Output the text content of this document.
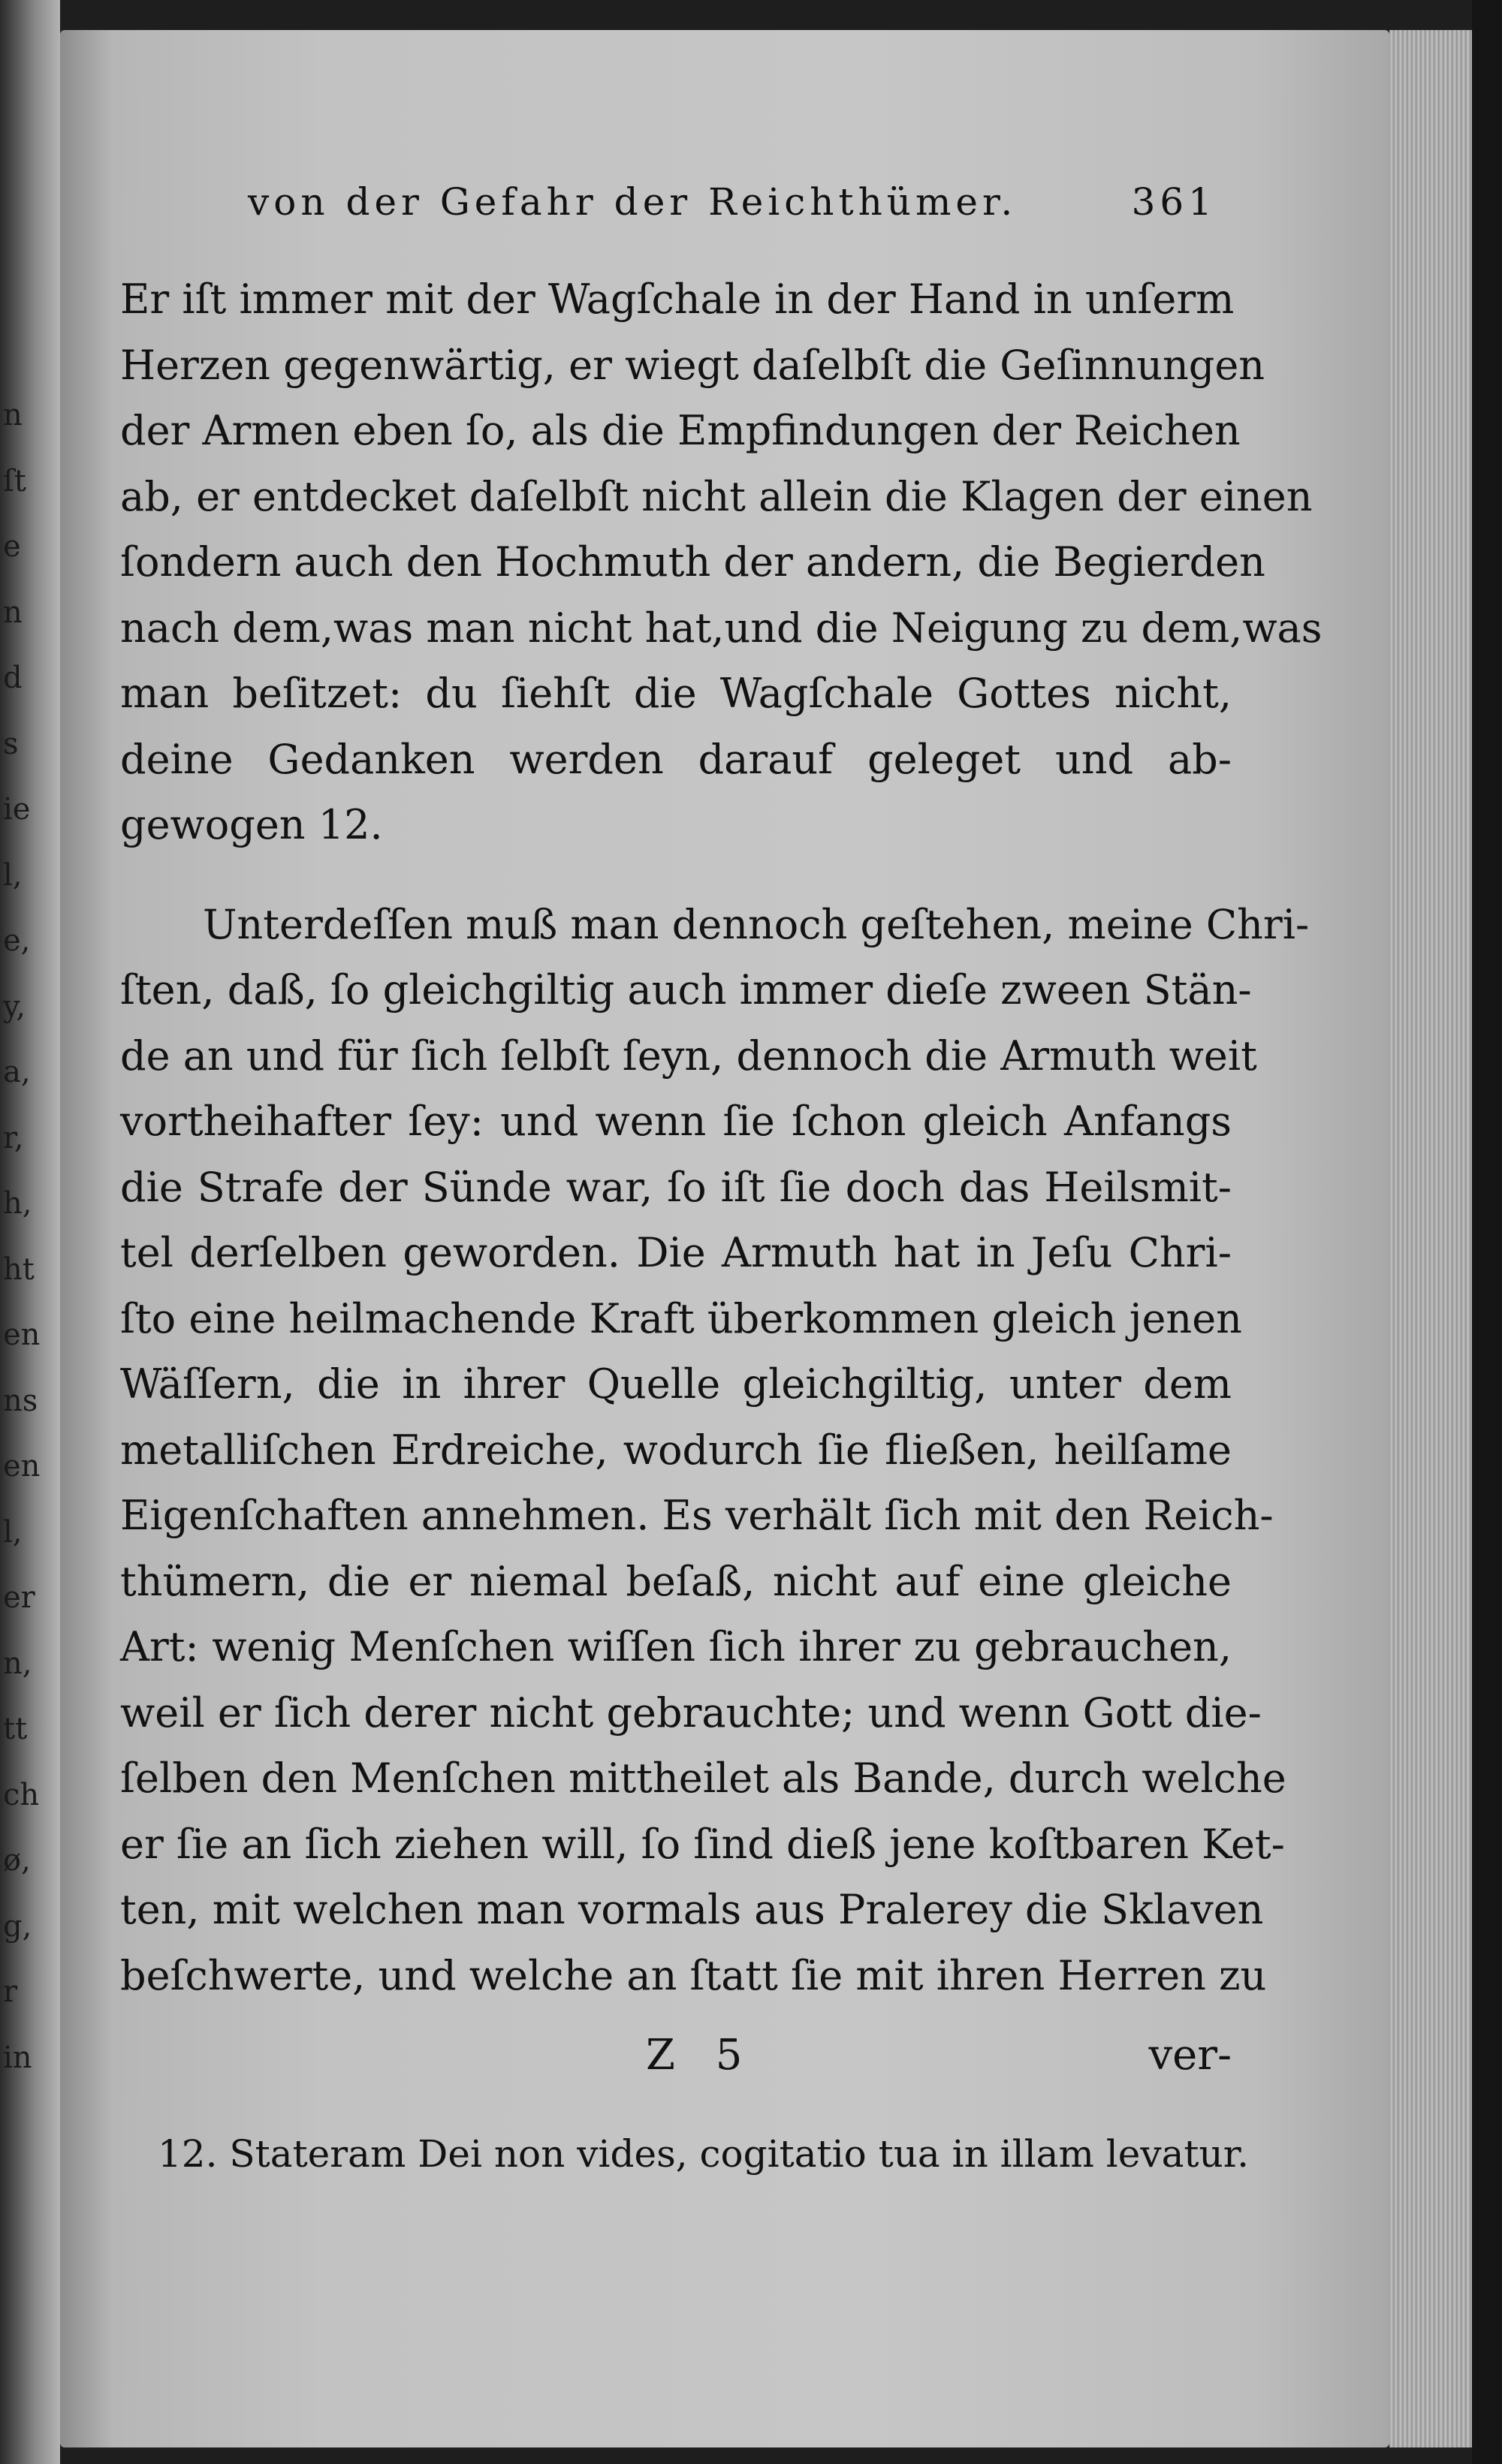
n
ſt
e
n
d
s
ie
l,
e,
y,
a,
r,
h,
ht
en
ns
en
l,
er
n,
tt
ch
ø,
g,
r
in
von der Gefahr der Reichthümer.	361
Er iſt immer mit der Wagſchale in der Hand in unſerm
Herzen gegenwärtig, er wiegt daſelbſt die Geſinnungen
der Armen eben ſo, als die Empfindungen der Reichen
ab, er entdecket daſelbſt nicht allein die Klagen der einen
ſondern auch den Hochmuth der andern, die Begierden
nach dem,was man nicht hat,und die Neigung zu dem,was
man beſitzet: du ſiehſt die Wagſchale Gottes nicht,
deine Gedanken werden darauf geleget und ab-
gewogen 12.
Unterdeſſen muß man dennoch geſtehen, meine Chri-
ſten, daß, ſo gleichgiltig auch immer dieſe zween Stän-
de an und für ſich ſelbſt ſeyn, dennoch die Armuth weit
vortheihafter ſey: und wenn ſie ſchon gleich Anfangs
die Strafe der Sünde war, ſo iſt ſie doch das Heilsmit-
tel derſelben geworden. Die Armuth hat in Jeſu Chri-
ſto eine heilmachende Kraft überkommen gleich jenen
Wäſſern, die in ihrer Quelle gleichgiltig, unter dem
metalliſchen Erdreiche, wodurch ſie fließen, heilſame
Eigenſchaften annehmen. Es verhält ſich mit den Reich-
thümern, die er niemal beſaß, nicht auf eine gleiche
Art: wenig Menſchen wiſſen ſich ihrer zu gebrauchen,
weil er ſich derer nicht gebrauchte; und wenn Gott die-
ſelben den Menſchen mittheilet als Bande, durch welche
er ſie an ſich ziehen will, ſo ſind dieß jene koſtbaren Ket-
ten, mit welchen man vormals aus Pralerey die Sklaven
beſchwerte, und welche an ſtatt ſie mit ihren Herren zu
Z 5	ver-
12. Stateram Dei non vides, cogitatio tua in illam levatur.
